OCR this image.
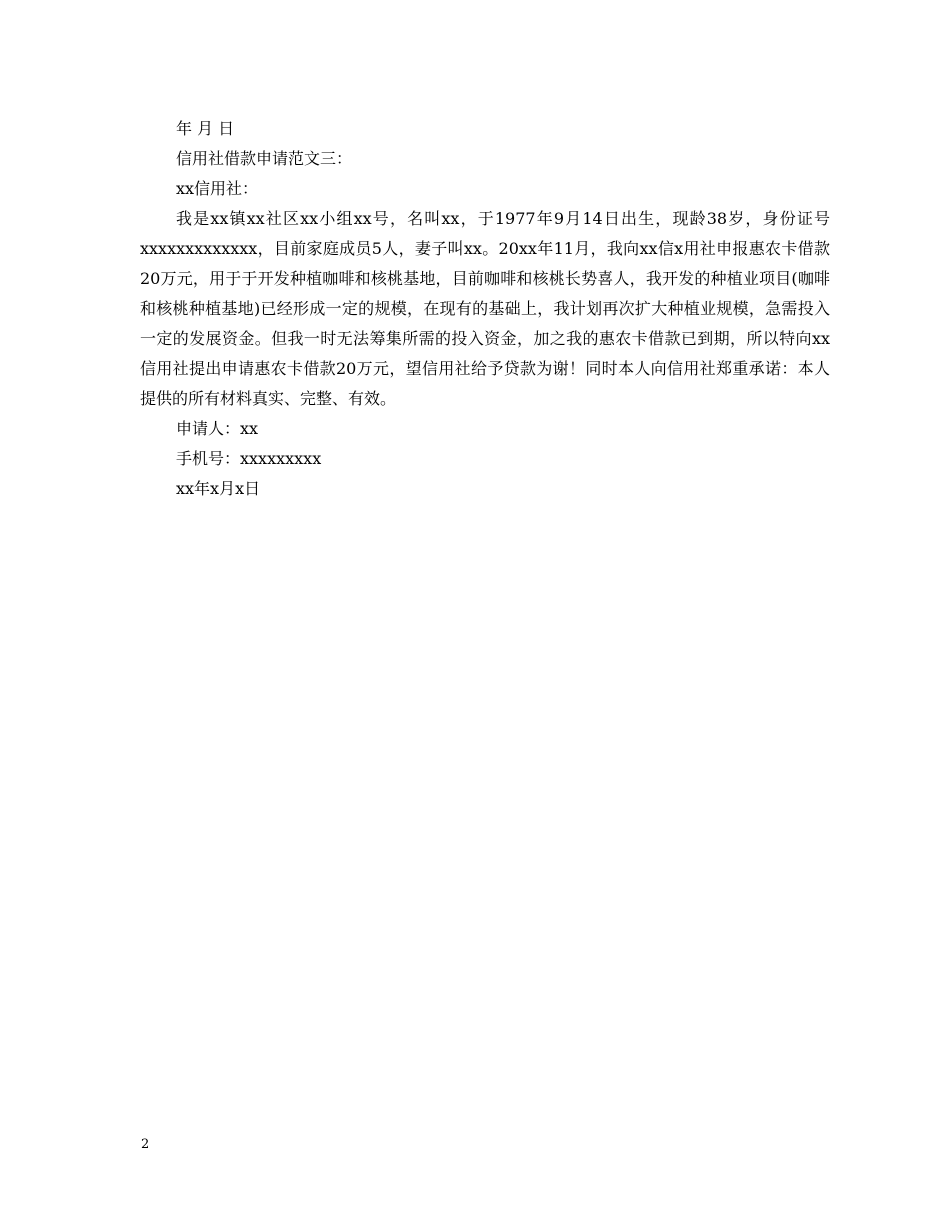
年 月 日
信用社借款申请范文三：
xx信用社：

我是xx镇xx社区xx小组xx号，名叫xx，于1977年9月14日出生，现龄38岁，身份证号xxxxxxxxxxxxx，目前家庭成员5人，妻子叫xx。20xx年11月，我向xx信x用社申报惠农卡借款20万元，用于于开发种植咖啡和核桃基地，目前咖啡和核桃长势喜人，我开发的种植业项目(咖啡和核桃种植基地)已经形成一定的规模，在现有的基础上，我计划再次扩大种植业规模，急需投入一定的发展资金。但我一时无法筹集所需的投入资金，加之我的惠农卡借款已到期，所以特向xx信用社提出申请惠农卡借款20万元，望信用社给予贷款为谢！同时本人向信用社郑重承诺：本人提供的所有材料真实、完整、有效。

申请人：xx
手机号：xxxxxxxxx
xx年x月x日
2
